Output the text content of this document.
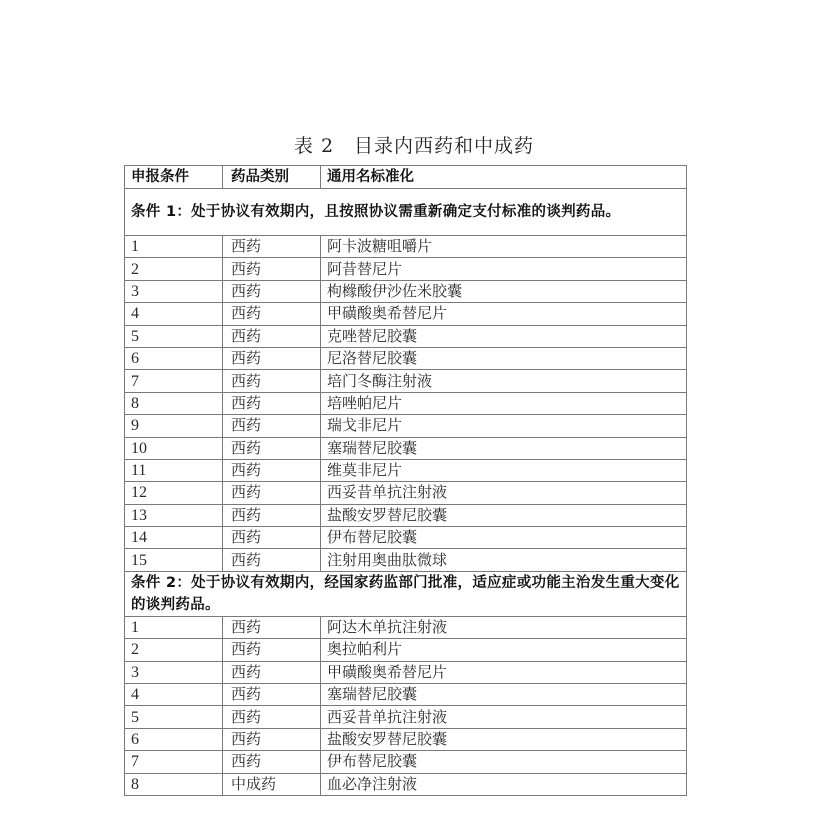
表 2　目录内西药和中成药
申报条件	药品类别	通用名标准化
条件 1：处于协议有效期内，且按照协议需重新确定支付标准的谈判药品。		
1	西药	阿卡波糖咀嚼片
2	西药	阿昔替尼片
3	西药	枸橼酸伊沙佐米胶囊
4	西药	甲磺酸奥希替尼片
5	西药	克唑替尼胶囊
6	西药	尼洛替尼胶囊
7	西药	培门冬酶注射液
8	西药	培唑帕尼片
9	西药	瑞戈非尼片
10	西药	塞瑞替尼胶囊
11	西药	维莫非尼片
12	西药	西妥昔单抗注射液
13	西药	盐酸安罗替尼胶囊
14	西药	伊布替尼胶囊
15	西药	注射用奥曲肽微球
条件 2：处于协议有效期内，经国家药监部门批准，适应症或功能主治发生重大变化的谈判药品。		
1	西药	阿达木单抗注射液
2	西药	奥拉帕利片
3	西药	甲磺酸奥希替尼片
4	西药	塞瑞替尼胶囊
5	西药	西妥昔单抗注射液
6	西药	盐酸安罗替尼胶囊
7	西药	伊布替尼胶囊
8	中成药	血必净注射液
